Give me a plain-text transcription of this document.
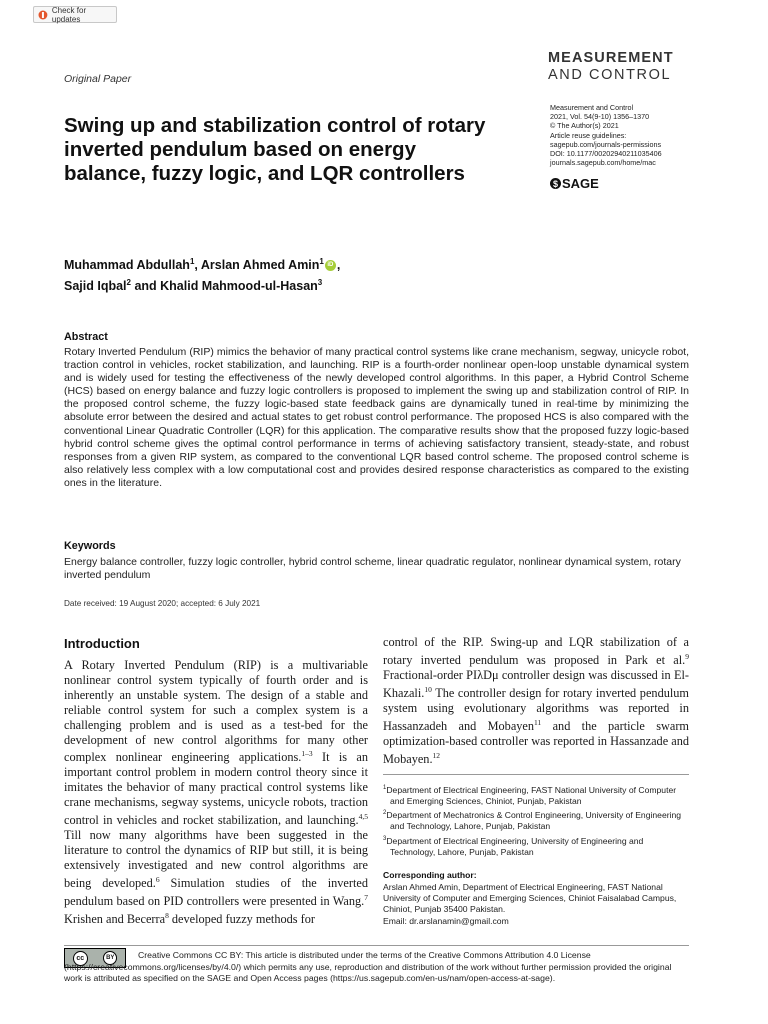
Check for updates
Original Paper
MEASUREMENT
AND CONTROL
Measurement and Control
2021, Vol. 54(9-10) 1356–1370
© The Author(s) 2021
Article reuse guidelines:
sagepub.com/journals-permissions
DOI: 10.1177/00202940211035406
journals.sagepub.com/home/mac
$ SAGE
Swing up and stabilization control of rotary inverted pendulum based on energy balance, fuzzy logic, and LQR controllers
Muhammad Abdullah$^1$, Arslan Ahmed Amin$^1$ iD ,
Sajid Iqbal$^2$ and Khalid Mahmood-ul-Hasan$^3$
Abstract
Rotary Inverted Pendulum (RIP) mimics the behavior of many practical control systems like crane mechanism, segway, unicycle robot, traction control in vehicles, rocket stabilization, and launching. RIP is a fourth-order nonlinear open-loop unstable dynamical system and is widely used for testing the effectiveness of the newly developed control algorithms. In this paper, a Hybrid Control Scheme (HCS) based on energy balance and fuzzy logic controllers is proposed to implement the swing up and stabilization control of RIP. In the proposed control scheme, the fuzzy logic-based state feedback gains are dynamically tuned in real-time by minimizing the absolute error between the desired and actual states to get robust control performance. The proposed HCS is also compared with the conventional Linear Quadratic Controller (LQR) for this application. The comparative results show that the proposed fuzzy logic-based hybrid control scheme gives the optimal control performance in terms of achieving satisfactory transient, steady-state, and robust responses from a given RIP system, as compared to the conventional LQR based control scheme. The proposed control scheme is also relatively less complex with a low computational cost and provides desired response characteristics as compared to the existing ones in the literature.
Keywords
Energy balance controller, fuzzy logic controller, hybrid control scheme, linear quadratic regulator, nonlinear dynamical system, rotary inverted pendulum
Date received: 19 August 2020; accepted: 6 July 2021
Introduction
A Rotary Inverted Pendulum (RIP) is a multivariable nonlinear control system typically of fourth order and is inherently an unstable system. The design of a stable and reliable control system for such a complex system is a challenging problem and is used as a test-bed for the development of new control algorithms for many other complex nonlinear engineering applications.$^{1-3}$ It is an important control problem in modern control theory since it imitates the behavior of many practical control systems like crane mechanisms, segway systems, unicycle robots, traction control in vehicles and rocket stabilization, and launching.$^{4,5}$ Till now many algorithms have been suggested in the literature to control the dynamics of RIP but still, it is being extensively investigated and new control algorithms are being developed.$^6$ Simulation studies of the inverted pendulum based on PID controllers were presented in Wang.$^7$ Krishen and Becerra$^8$ developed fuzzy methods for
control of the RIP. Swing-up and LQR stabilization of a rotary inverted pendulum was proposed in Park et al.$^9$ Fractional-order PIλDμ controller design was discussed in El-Khazali.$^{10}$ The controller design for rotary inverted pendulum system using evolutionary algorithms was reported in Hassanzadeh and Mobayen$^{11}$ and the particle swarm optimization-based controller was reported in Hassanzade and Mobayen.$^{12}$
$^1$Department of Electrical Engineering, FAST National University of Computer and Emerging Sciences, Chiniot, Punjab, Pakistan
$^2$Department of Mechatronics & Control Engineering, University of Engineering and Technology, Lahore, Punjab, Pakistan
$^3$Department of Electrical Engineering, University of Engineering and Technology, Lahore, Punjab, Pakistan
Corresponding author:
Arslan Ahmed Amin, Department of Electrical Engineering, FAST National University of Computer and Emerging Sciences, Chiniot Faisalabad Campus, Chiniot, Punjab 35400 Pakistan.
Email: dr.arslanamin@gmail.com
cc	BY	Creative Commons CC BY: This article is distributed under the terms of the Creative Commons Attribution 4.0 License (https://creativecommons.org/licenses/by/4.0/) which permits any use, reproduction and distribution of the work without further permission provided the original work is attributed as specified on the SAGE and Open Access pages (https://us.sagepub.com/en-us/nam/open-access-at-sage).
